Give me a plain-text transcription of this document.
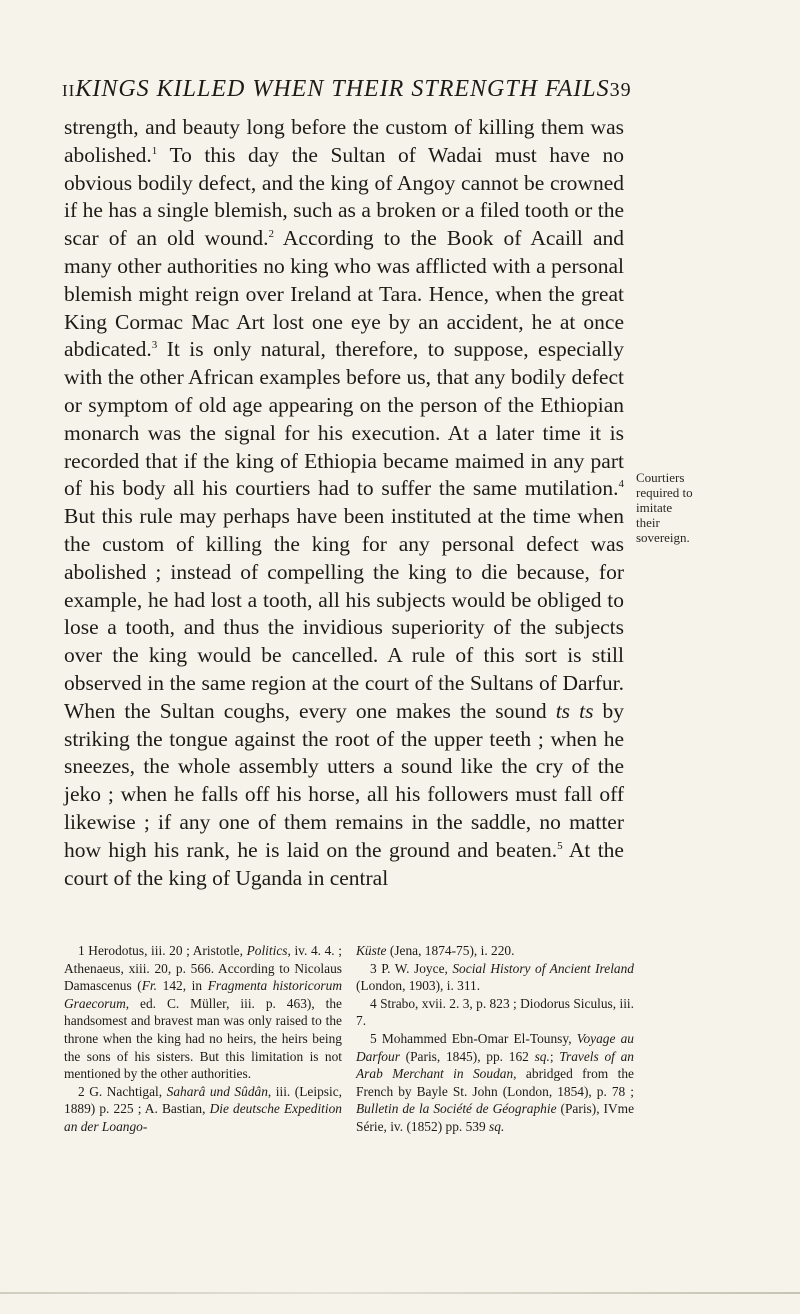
II KINGS KILLED WHEN THEIR STRENGTH FAILS 39

strength, and beauty long before the custom of killing them was abolished.$^1$ To this day the Sultan of Wadai must have no obvious bodily defect, and the king of Angoy cannot be crowned if he has a single blemish, such as a broken or a filed tooth or the scar of an old wound.$^2$ According to the Book of Acaill and many other authorities no king who was afflicted with a personal blemish might reign over Ireland at Tara. Hence, when the great King Cormac Mac Art lost one eye by an accident, he at once abdicated.$^3$ It is only natural, therefore, to suppose, especially with the other African examples before us, that any bodily defect or symptom of old age appearing on the person of the Ethiopian monarch was the signal for his execution. At a later time it is recorded that if the king of Ethiopia became maimed in any part of his body all his courtiers had to suffer the same mutilation.$^4$ But this rule may perhaps have been instituted at the time when the custom of killing the king for any personal defect was abolished ; instead of compelling the king to die because, for example, he had lost a tooth, all his subjects would be obliged to lose a tooth, and thus the invidious superiority of the subjects over the king would be cancelled. A rule of this sort is still observed in the same region at the court of the Sultans of Darfur. When the Sultan coughs, every one makes the sound ts ts by striking the tongue against the root of the upper teeth ; when he sneezes, the whole assembly utters a sound like the cry of the jeko ; when he falls off his horse, all his followers must fall off likewise ; if any one of them remains in the saddle, no matter how high his rank, he is laid on the ground and beaten.$^5$ At the court of the king of Uganda in central

Courtiers
required to
imitate
their
sovereign.

1 Herodotus, iii. 20 ; Aristotle, Politics, iv. 4. 4. ; Athenaeus, xiii. 20, p. 566. According to Nicolaus Damascenus (Fr. 142, in Fragmenta historicorum Graecorum, ed. C. Müller, iii. p. 463), the handsomest and bravest man was only raised to the throne when the king had no heirs, the heirs being the sons of his sisters. But this limitation is not mentioned by the other authorities.

2 G. Nachtigal, Saharâ und Sûdân, iii. (Leipsic, 1889) p. 225 ; A. Bastian, Die deutsche Expedition an der Loango-

Küste (Jena, 1874-75), i. 220.

3 P. W. Joyce, Social History of Ancient Ireland (London, 1903), i. 311.

4 Strabo, xvii. 2. 3, p. 823 ; Diodorus Siculus, iii. 7.

5 Mohammed Ebn-Omar El-Tounsy, Voyage au Darfour (Paris, 1845), pp. 162 sq.; Travels of an Arab Merchant in Soudan, abridged from the French by Bayle St. John (London, 1854), p. 78 ; Bulletin de la Société de Géographie (Paris), IVme Série, iv. (1852) pp. 539 sq.
